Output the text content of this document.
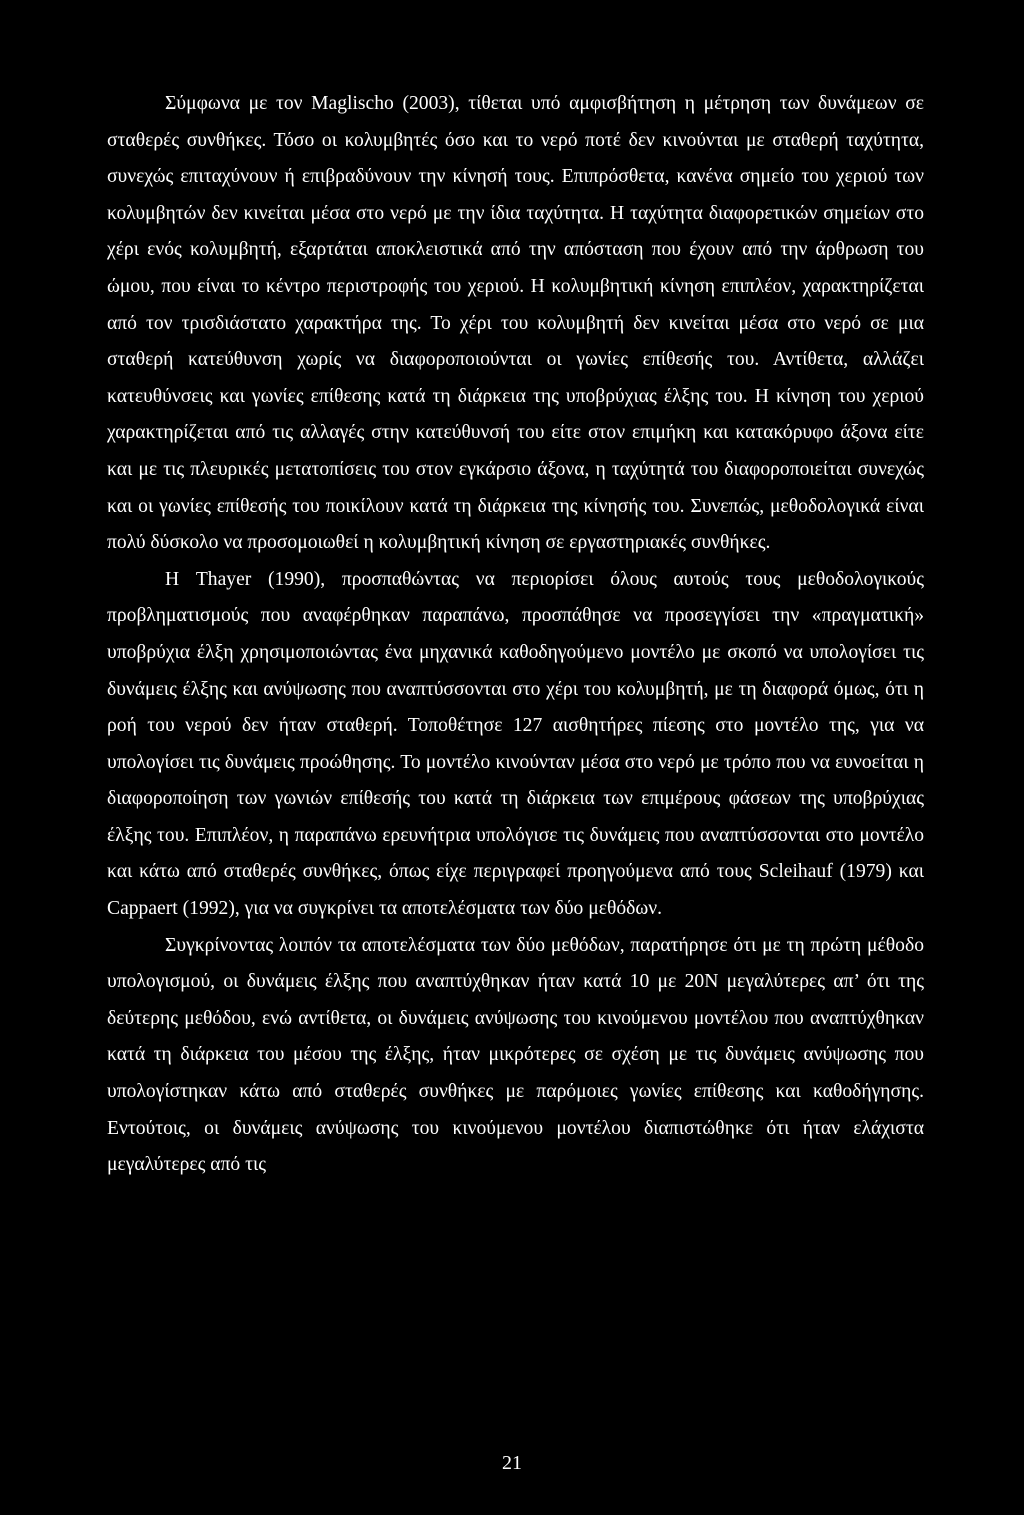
Σύμφωνα με τον Maglischo (2003), τίθεται υπό αμφισβήτηση η μέτρηση των δυνάμεων σε σταθερές συνθήκες. Τόσο οι κολυμβητές όσο και το νερό ποτέ δεν κινούνται με σταθερή ταχύτητα, συνεχώς επιταχύνουν ή επιβραδύνουν την κίνησή τους. Επιπρόσθετα, κανένα σημείο του χεριού των κολυμβητών δεν κινείται μέσα στο νερό με την ίδια ταχύτητα. Η ταχύτητα διαφορετικών σημείων στο χέρι ενός κολυμβητή, εξαρτάται αποκλειστικά από την απόσταση που έχουν από την άρθρωση του ώμου, που είναι το κέντρο περιστροφής του χεριού. Η κολυμβητική κίνηση επιπλέον, χαρακτηρίζεται από τον τρισδιάστατο χαρακτήρα της. Το χέρι του κολυμβητή δεν κινείται μέσα στο νερό σε μια σταθερή κατεύθυνση χωρίς να διαφοροποιούνται οι γωνίες επίθεσής του. Αντίθετα, αλλάζει κατευθύνσεις και γωνίες επίθεσης κατά τη διάρκεια της υποβρύχιας έλξης του. Η κίνηση του χεριού χαρακτηρίζεται από τις αλλαγές στην κατεύθυνσή του είτε στον επιμήκη και κατακόρυφο άξονα είτε και με τις πλευρικές μετατοπίσεις του στον εγκάρσιο άξονα, η ταχύτητά του διαφοροποιείται συνεχώς και οι γωνίες επίθεσής του ποικίλουν κατά τη διάρκεια της κίνησής του. Συνεπώς, μεθοδολογικά είναι πολύ δύσκολο να προσομοιωθεί η κολυμβητική κίνηση σε εργαστηριακές συνθήκες.

Η Thayer (1990), προσπαθώντας να περιορίσει όλους αυτούς τους μεθοδολογικούς προβληματισμούς που αναφέρθηκαν παραπάνω, προσπάθησε να προσεγγίσει την «πραγματική» υποβρύχια έλξη χρησιμοποιώντας ένα μηχανικά καθοδηγούμενο μοντέλο με σκοπό να υπολογίσει τις δυνάμεις έλξης και ανύψωσης που αναπτύσσονται στο χέρι του κολυμβητή, με τη διαφορά όμως, ότι η ροή του νερού δεν ήταν σταθερή. Τοποθέτησε 127 αισθητήρες πίεσης στο μοντέλο της, για να υπολογίσει τις δυνάμεις προώθησης. Το μοντέλο κινούνταν μέσα στο νερό με τρόπο που να ευνοείται η διαφοροποίηση των γωνιών επίθεσής του κατά τη διάρκεια των επιμέρους φάσεων της υποβρύχιας έλξης του. Επιπλέον, η παραπάνω ερευνήτρια υπολόγισε τις δυνάμεις που αναπτύσσονται στο μοντέλο και κάτω από σταθερές συνθήκες, όπως είχε περιγραφεί προηγούμενα από τους Scleihauf (1979) και Cappaert (1992), για να συγκρίνει τα αποτελέσματα των δύο μεθόδων.

Συγκρίνοντας λοιπόν τα αποτελέσματα των δύο μεθόδων, παρατήρησε ότι με τη πρώτη μέθοδο υπολογισμού, οι δυνάμεις έλξης που αναπτύχθηκαν ήταν κατά 10 με 20Ν μεγαλύτερες απ’ ότι της δεύτερης μεθόδου, ενώ αντίθετα, οι δυνάμεις ανύψωσης του κινούμενου μοντέλου που αναπτύχθηκαν κατά τη διάρκεια του μέσου της έλξης, ήταν μικρότερες σε σχέση με τις δυνάμεις ανύψωσης που υπολογίστηκαν κάτω από σταθερές συνθήκες με παρόμοιες γωνίες επίθεσης και καθοδήγησης. Εντούτοις, οι δυνάμεις ανύψωσης του κινούμενου μοντέλου διαπιστώθηκε ότι ήταν ελάχιστα μεγαλύτερες από τις

21
